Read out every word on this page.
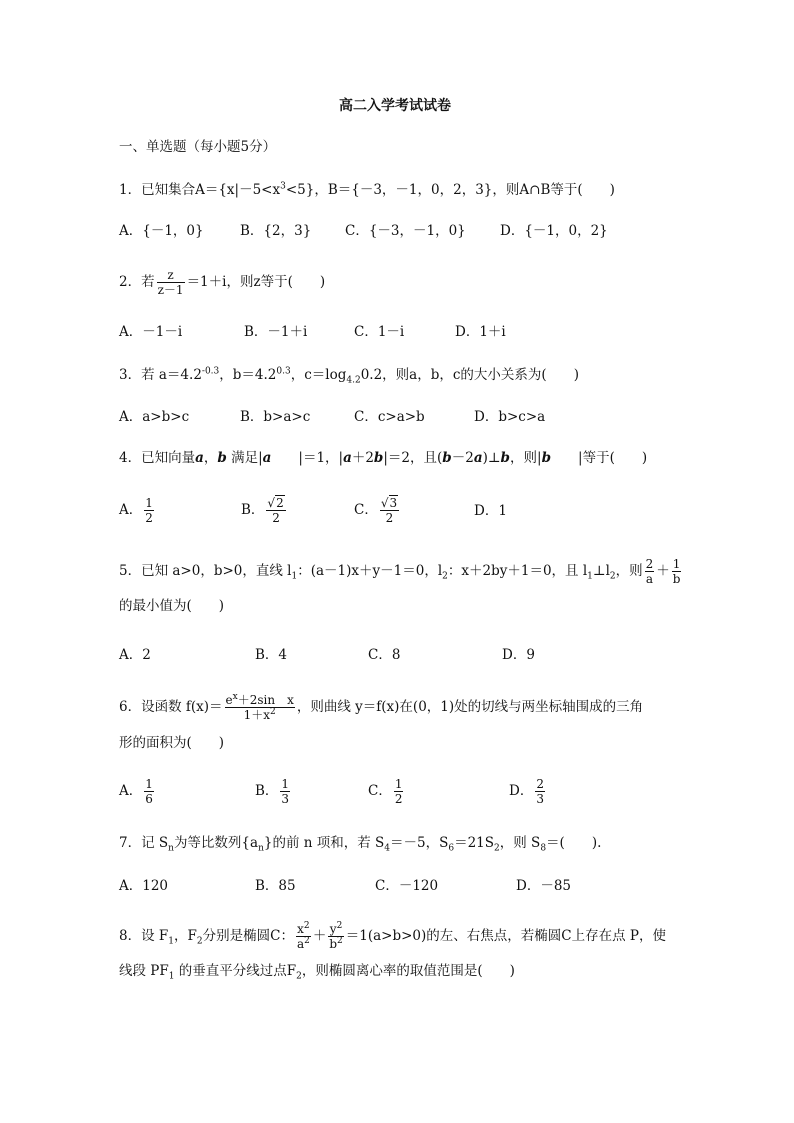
高二入学考试试卷
一、单选题（每小题5分）
1．已知集合$A=\{x|-5<x^3<5\}$，B＝{－3，－1，0，2，3}，则A∩B等于(　　)
A．{－1，0}	B．{2，3} C．{－3，－1，0}	D．{－1，0，2}
2．若 $\frac{z}{z-1} =1+i$，则z等于(　　)
A．－1－i	B．－1＋i	C．1－i	D．1＋i
3．若 $a=4.2^{-0.3}$，$b=4.2^{0.3}$，$c=\log_{4.2}0.2$，则a，b，c的大小关系为(　　)
A．a>b>c	B．b>a>c	C．c>a>b	D．b>c>a
4．已知向量a，b 满足|a　　|＝1，|a＋2b|＝2，且(b－2a)⊥b，则|b　　|等于(　　)
A． $\frac{1}{2}$	B． $\frac{√2}{2}$	C． $\frac{√3}{2}$	D．1
5．已知 a>0，b>0，直线 $l_1$：(a－1)x＋y－1＝0，$l_2$：x＋2by＋1＝0，且 $l_1\perp l_2$，则 $\frac{2}{a} + \frac{1}{b}$
的最小值为(　　)
A．2	B．4	C．8	D．9
6．设函数 $f(x)= \frac{e^x+2\sin x}{1+x^2}$ ，则曲线 y＝f(x)在(0，1)处的切线与两坐标轴围成的三角
形的面积为(　　)
A． $\frac{1}{6}$	B． $\frac{1}{3}$	C． $\frac{1}{2}$	D． $\frac{2}{3}$
7．记 $S_n$为等比数列$\{a_n\}$的前 n 项和，若 $S_4=-5$，$S_6=21S_2$，则 $S_8=$(　　).
A．120	B．85	C．－120	D．－85
8．设 $F_1$，$F_2$分别是椭圆C： $\frac{x^2}{a^2} + \frac{y^2}{b^2} =1(a>b>0)$的左、右焦点，若椭圆C上存在点 P，使
线段 $PF_1$ 的垂直平分线过点$F_2$，则椭圆离心率的取值范围是(　　)
